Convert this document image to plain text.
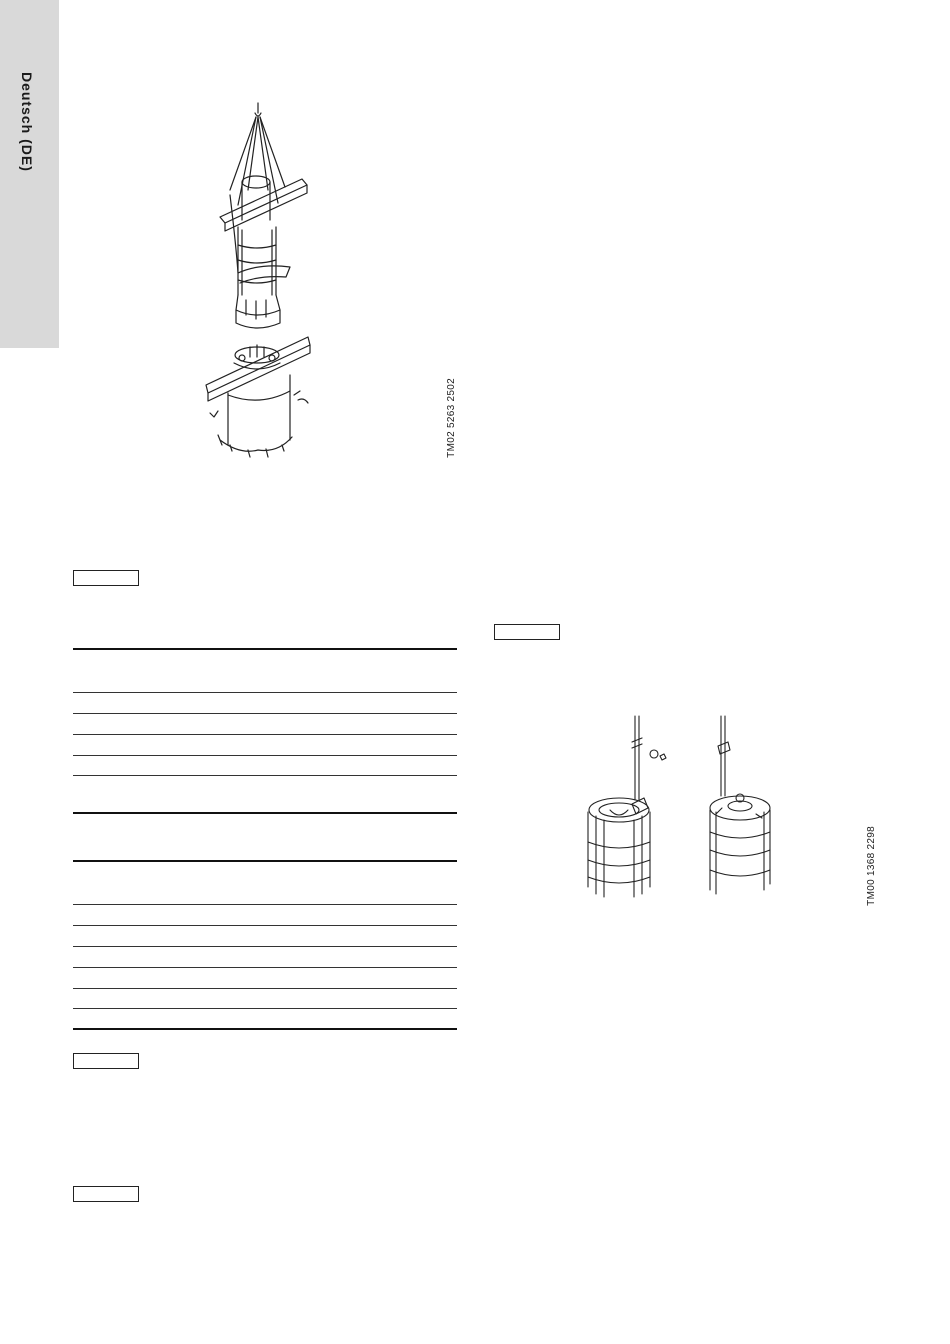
Deutsch (DE)
TM02 5263 2502
TM00 1368 2298
